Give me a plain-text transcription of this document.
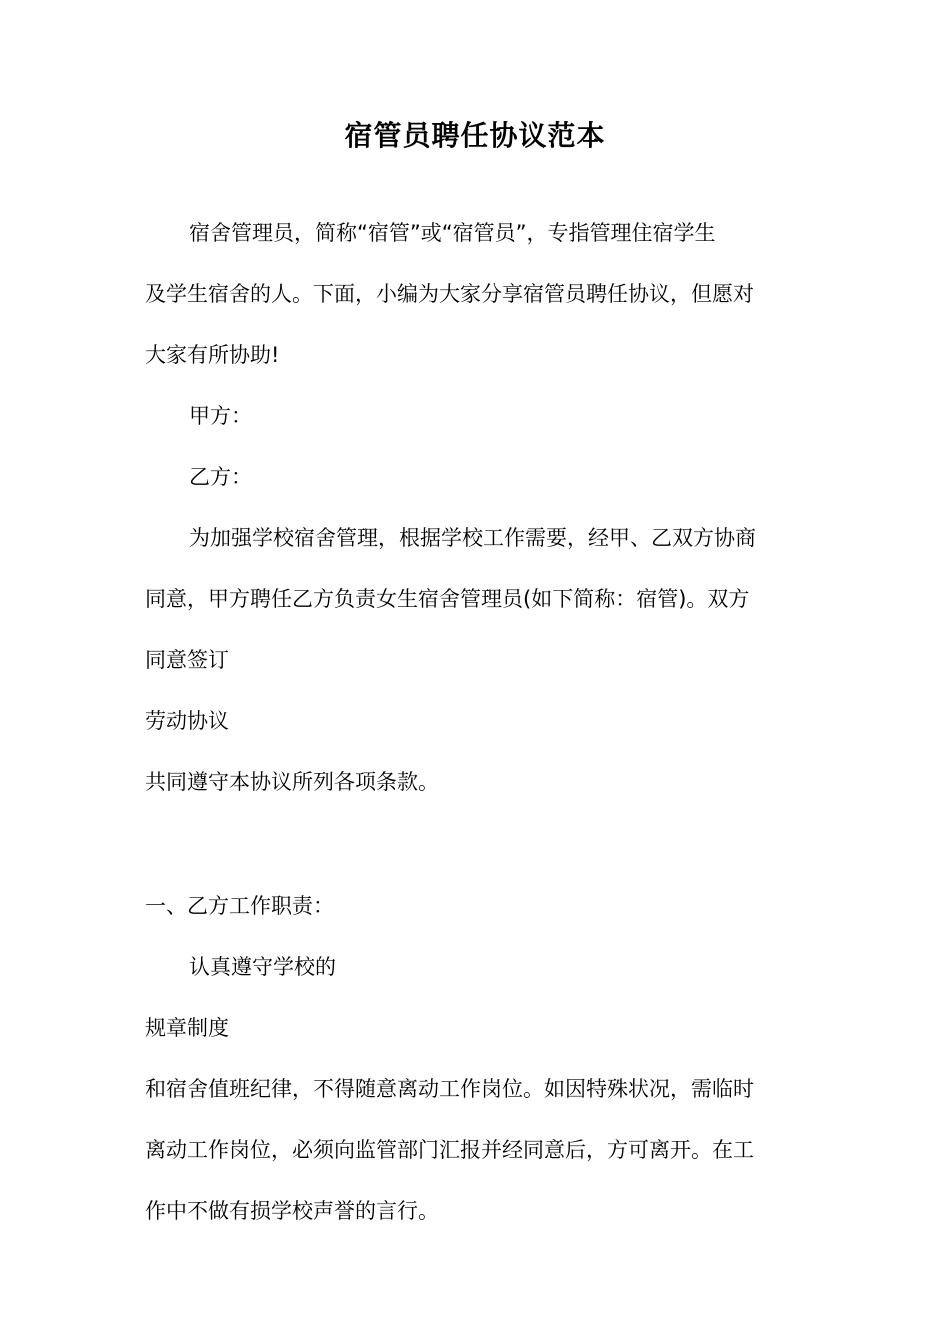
宿管员聘任协议范本
宿舍管理员，简称“宿管”或“宿管员”，专指管理住宿学生
及学生宿舍的人。下面，小编为大家分享宿管员聘任协议，但愿对
大家有所协助!
甲方：
乙方：
为加强学校宿舍管理，根据学校工作需要，经甲、乙双方协商
同意，甲方聘任乙方负责女生宿舍管理员(如下简称：宿管)。双方
同意签订
劳动协议
共同遵守本协议所列各项条款。
一、乙方工作职责：
认真遵守学校的
规章制度
和宿舍值班纪律，不得随意离动工作岗位。如因特殊状况，需临时
离动工作岗位，必须向监管部门汇报并经同意后，方可离开。在工
作中不做有损学校声誉的言行。
